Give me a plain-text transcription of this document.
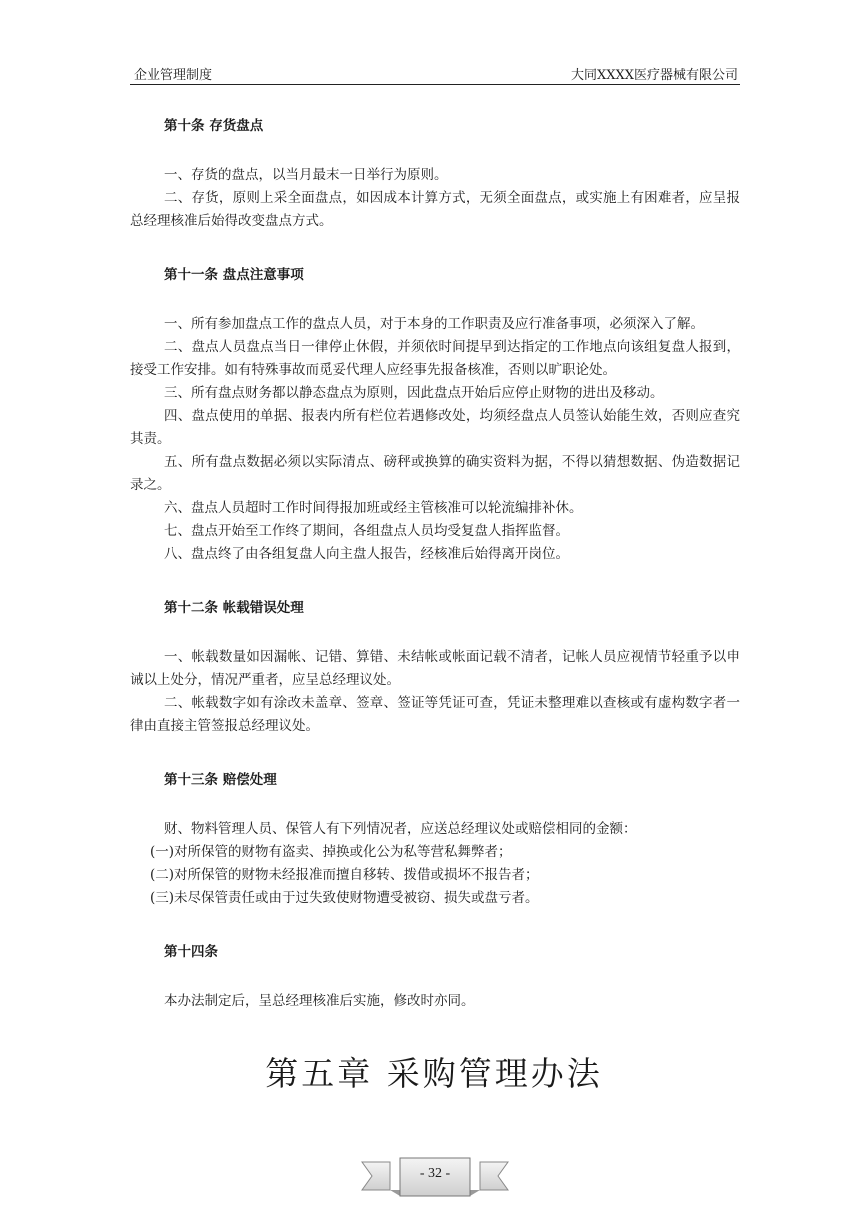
企业管理制度	大同XXXX医疗器械有限公司

第十条 存货盘点

一、存货的盘点，以当月最末一日举行为原则。

二、存货，原则上采全面盘点，如因成本计算方式，无须全面盘点，或实施上有困难者，应呈报总经理核准后始得改变盘点方式。

第十一条 盘点注意事项

一、所有参加盘点工作的盘点人员，对于本身的工作职责及应行准备事项，必须深入了解。

二、盘点人员盘点当日一律停止休假，并须依时间提早到达指定的工作地点向该组复盘人报到，接受工作安排。如有特殊事故而觅妥代理人应经事先报备核准，否则以旷职论处。

三、所有盘点财务都以静态盘点为原则，因此盘点开始后应停止财物的进出及移动。

四、盘点使用的单据、报表内所有栏位若遇修改处，均须经盘点人员签认始能生效，否则应查究其责。

五、所有盘点数据必须以实际清点、磅秤或换算的确实资料为据，不得以猜想数据、伪造数据记录之。

六、盘点人员超时工作时间得报加班或经主管核准可以轮流编排补休。

七、盘点开始至工作终了期间，各组盘点人员均受复盘人指挥监督。

八、盘点终了由各组复盘人向主盘人报告，经核准后始得离开岗位。

第十二条 帐载错误处理

一、帐载数量如因漏帐、记错、算错、未结帐或帐面记载不清者，记帐人员应视情节轻重予以申诫以上处分，情况严重者，应呈总经理议处。

二、帐载数字如有涂改未盖章、签章、签证等凭证可查，凭证未整理难以查核或有虚构数字者一律由直接主管签报总经理议处。

第十三条 赔偿处理

财、物料管理人员、保管人有下列情况者，应送总经理议处或赔偿相同的金额：

(一)对所保管的财物有盗卖、掉换或化公为私等营私舞弊者；

(二)对所保管的财物未经报准而擅自移转、拨借或损坏不报告者；

(三)未尽保管责任或由于过失致使财物遭受被窃、损失或盘亏者。

第十四条

本办法制定后，呈总经理核准后实施，修改时亦同。

第五章 采购管理办法
- 32 -
